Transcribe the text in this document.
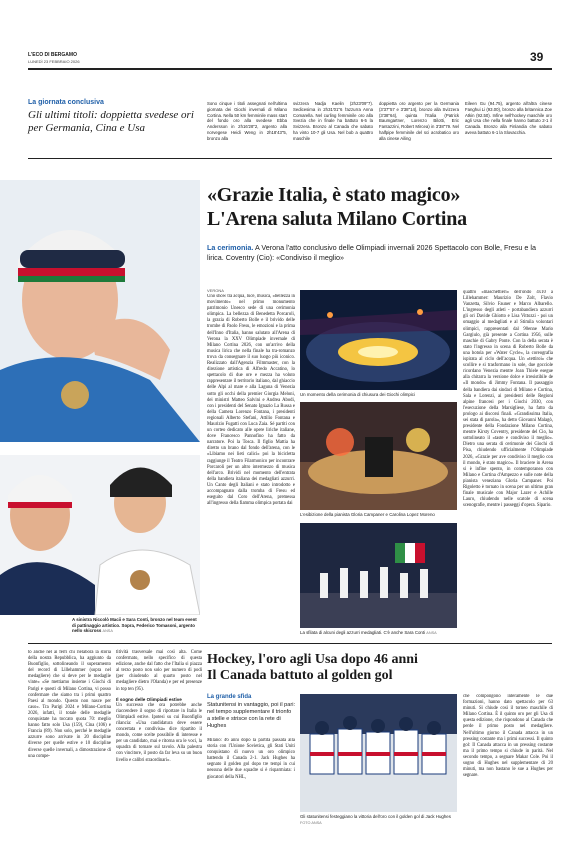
L'ECO DI BERGAMO
LUNEDÌ 23 FEBBRAIO 2026	39
La giornata conclusiva
Gli ultimi titoli: doppietta svedese ori per Germania, Cina e Usa
Sono cinque i titoli assegnati nell'ultima giornata dei Giochi invernali di Milano Cortina. Nella 50 km femminile mass start del fondo oro alla svedese Ebba Andersson in 2h16'28"2, argento alla norvegese Heidi Weng in 2h18'43"5, bronzo alla
svizzera Nadja Kaelin (2h23'09"7). Sedicesima in 2h31'01"6 l'azzurra Anna Comarella. Nel curling femminile oro alla Svezia che in finale ha battuto 6-5 la Svizzera. Bronzo al Canada che sabato ha vinto 10-7 gli Usa. Nel bob a quattro maschile
doppietta oro argento per la Germania (3'37"57 e 3'38"14), bronzo alla Svizzera (3'38"64), quinta l'Italia (Patrick Baumgartner, Lorenzo Bilotti, Eric Fantazzini, Robert Mircea) in 3'38"79. Nel halfpipe femminile del sci acrobatico oro alla cinese Ailing
Eileen Gu (94.75), argento all'altra cinese Fanghui Li (93.00), bronzo alla britannica Zoe Atkin (92.50). Infine nell'hockey maschile oro agli Usa che nella finale hanno battuto 2-1 il Canada. Bronzo alla Finlandia che sabato aveva battuto 6-1 la Slovacchia.
A sinistra Niccolò Macii e Sara Conti, bronzo nel team event di pattinaggio artistico. Sopra, Federico Tomasoni, argento nello skicross ANSA
«Grazie Italia, è stato magico»
L'Arena saluta Milano Cortina
La cerimonia. A Verona l'atto conclusivo delle Olimpiadi invernali 2026 Spettacolo con Bolle, Fresu e la lirica. Coventry (Cio): «Condiviso il meglio»
VERONA
Uno show tra acqua, luce, musica, «bellezza in movimento» nel primo monumento patrimonio Unesco sede di una cerimonia olimpica. La bellezza di Benedetta Porcaroli, la grazia di Roberto Bolle e il brivido delle trombe di Paolo Fresu, le emozioni e la prima dell'Inno d'Italia, hanno salutato all'Arena di Verona la XXV Olimpiade invernale di Milano Cortina 2026, con un'arrivo della musica lirica che nella finale ha tra-romanzo trova da consegnare il suo luogo più iconico. Realizzato dall'Agenzia Filmmaster, con la direzione artistica di Alfredo Accatino, lo spettacolo di due ore e mezza ha voluto rappresentare il territorio italiano, dal ghiaccio delle Alpi al mare e alla Laguna di Venezia sotto gli occhi della premier Giorgia Meloni, dei ministri Matteo Salvini e Andrea Abodi, con i presidenti del Senato Ignazio La Russa e della Camera Lorenzo Fontana, i presidenti regionali Alberto Stefani, Attilio Fontana e Maurizio Fugatti con Luca Zaia. Sé partiti con un corteo dedicato alle opere liriche italiane, dove Francesco Pannofino ha fatto da narratore. Poi la Tosca. Il figlio Mattia ha diretto un brano dal fondo dell'arena, con le «Libiamo nei lieti calici» poi la bicicletta raggiunge il Teatro Filarmonico per incontrare Porcaroli per un altro intermezzo di musica dell'arco. Brividi nel momento dell'entrata della bandiera italiana dei medagliati azzurri. Un Canto degli Italiani e stato introdotto e accompagnato dalla tromba di Fresu ed eseguito dal Coro dell'Arena, premessa all'ingresso della fiamma olimpica portata dai
Un momento della cerimonia di chiusura dei Giochi olimpici
L'esibizione della pianista Gloria Campaner e Carolina Lopez Moreno
La sfilata di alcuni degli azzurri medagliati. C'è anche Sara Conti ANSA
quattro «maschettieri» dell'ondo 4x10 a Lillehammer: Maurizio De Zolt, Flavio Vanzetta, Silvio Fauner e Marco Albarello. L'ingresso degli atleti - portabandiera azzurri gli ori Davide Ghiotto e Lisa Vittozzi - poi un omaggio al medagliati e al Stimila volontari olimpici, rappresentati dal 90enne Mario Gargiulo, già presente a Cortina 1956, sulle maschie di Gabry Ponte. Con la della serata è stato l'ingresso in scena di Roberto Bolle da una botola per «Water Cycle», la coreografia ispirata al ciclo dell'acqua. Un «tettiroi» che scollire e si trasformano in sole, due gocciole ricordano Venezia mentre Joan Thiele esegue alla chitarra la versione dolce e irresistibile de «Il mondo» di Jimmy Fontana. Il passaggio della bandiera dai sindaci di Milano e Cortina, Sala e Lorenzi, ai presidenti delle Regioni alpine francesi per i Giochi 2030, con l'esecuzione della Marsigliese, ha fatto da prologo ai discorsi finali. «Grandissima Italia, sei stata di parola», ha detto Giovanni Malagò, presidente della Fondazione Milano Cortina, mentre Kirsty Coventry, presidente del Cio, ha sottolineato il «taste e condiviso il meglio». Dietro una serata di cerimonie dei Giochi di Pisa, chiudendo ufficialmente l'Olimpiade 2026, «Grazie per ave condiviso il meglio con il mondo, è stato magico». Il braciere in Arena si è infine spento, in contemporanea con Milano e Cortina d'Ampezzo e sulle note della pianista veneziana Gloria Campaner. Poi Rigoletto è tornato in scena per un ultimo gran finale musicale con Major Lazer e Achille Lauro, chiudendo nelle scatole di scena scenografie, mentre i passeggi d'opera. Sipario.
to anche nel ai ferri chi rielabora la storia della nostra Repubblica, ha aggiunto da Buonfiglio, sottolineando il superamento del record di Lillehammer (sopra nel medagliere) che si deve per le medaglie vinte» «Se mettiamo insieme i Giochi di Parigi e questi di Milano Cortina, vi posso confermare che siamo tra i primi quattro Paesi al mondo. Questo non nasce per caso». Tra Parigi 2024 e Milano-Cortina 2026, infatti, il totale delle medaglie conquistate ha toccato quota 70: meglio hanno fatto solo Usa (159), Cina (106) e Francia (89). Non solo, perché le medaglie azzurre sono arrivate in 20 discipline diverse per quelle estive e 10 discipline diverse quelle invernali, a dimostrazione di una compe-
titività trasversale mai così alta. Come confermato, nello specifico di questa edizione, anche dal fatto che l'Italia si piazza al terzo posto non solo per numero di podi (per chiudendo al quarto posto nel medagliere dietro l'Olanda) e per ed presenze in top ten (95).
Il sogno delle Olimpiadi estive
Un successo che ora potrebbe anche riaccendere il sogno di riportare in Italia le Olimpiadi estive. Ipotesi su cui Buonfiglio rilancia: «Una candidatura deve essere concertata e condivisa» dice ripartito il mondo, come scelte possibile di interesse e per un candidato, mai e ritorna ora le voci, la squadra di tornare sul tavolo. Alla palestra con vincitore, il posto da far leva su un buon livello e calibri straordinari».
Hockey, l'oro agli Usa dopo 46 anni
Il Canada battuto al golden gol
La grande sfida
Statunitensi in vantaggio, poi il pari: nel tempo supplementare il trionfo a stelle e strisce con la rete di Hughes
Milano: 46 anni dopo la partita passata alla storia con l'Unione Sovietica, gli Stati Uniti conquistano di nuovo un oro olimpico battendo il Canada 2-1. Jack Hughes ha segnato il golden gol dopo tre tempi in cui nessuna delle due squadre si è risparmiata: i giocatori della NHL,
Gli statunitensi festeggiano la vittoria dell'oro con il golden gol di Jack Hughes FOTO ANSA
che compongono interamente le due formazioni, hanno dato spettacolo per 63 minuti. Si chiude così il torneo maschile di Milano Cortina. È il quinto oro per gli Usa di questa edizione, che rispondono al Canada che perde il primo posto nel medagliere. Nell'ultimo giorno il Canada attacca in un pressing costante ma i primi successi. Il quinto gol: Il Canada attacca in un pressing costante ma il primo tempo si chiude in parità. Nel secondo tempo, a segnare Makar Cole. Poi il sogno di Hughes nel supplementare di 20 minuti, ma non bastano le sue a Hughes per segnare.
